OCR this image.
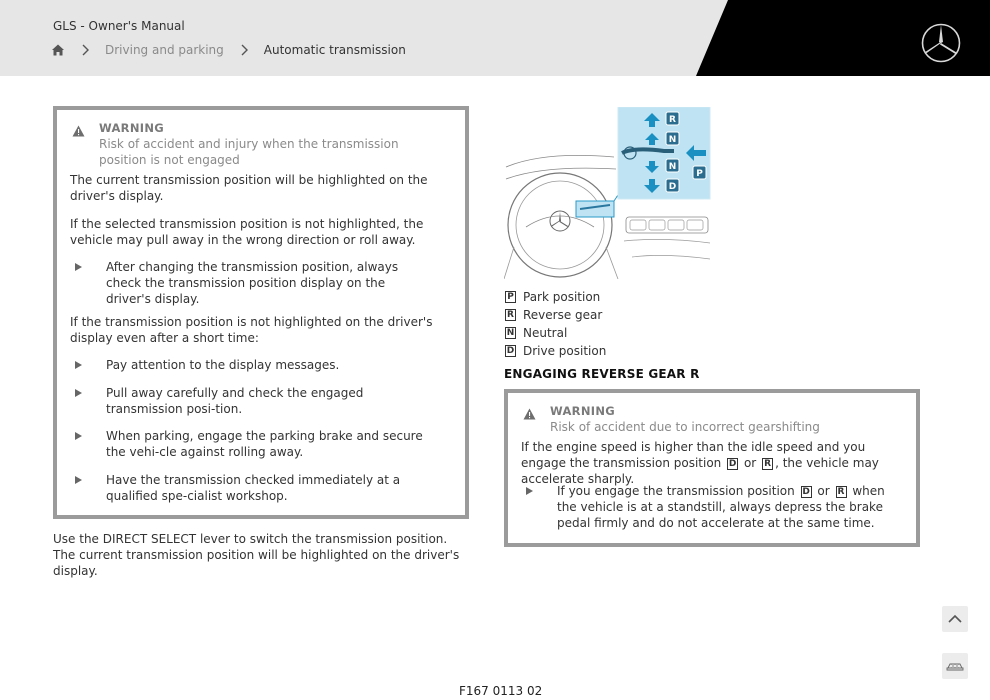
GLS - Owner's Manual
Driving and parking	Automatic transmission
WARNING
Risk of accident and injury when the transmission position is not engaged
The current transmission position will be highlighted on the driver's display.
If the selected transmission position is not highlighted, the vehicle may pull away in the wrong direction or roll away.
After changing the transmission position, always check the transmission position display on the driver's display.
If the transmission position is not highlighted on the driver's display even after a short time:
Pay attention to the display messages.
Pull away carefully and check the engaged transmission posi-tion.
When parking, engage the parking brake and secure the vehi-cle against rolling away.
Have the transmission checked immediately at a qualified spe-cialist workshop.
Use the DIRECT SELECT lever to switch the transmission position. The current transmission position will be highlighted on the driver's display.
R
N
N
D
P
P Park position
R Reverse gear
N Neutral
D Drive position
ENGAGING REVERSE GEAR R
WARNING
Risk of accident due to incorrect gearshifting
If the engine speed is higher than the idle speed and you engage the transmission position D or R , the vehicle may accelerate sharply.
If you engage the transmission position D or R when the vehicle is at a standstill, always depress the brake pedal firmly and do not accelerate at the same time.
F167 0113 02
